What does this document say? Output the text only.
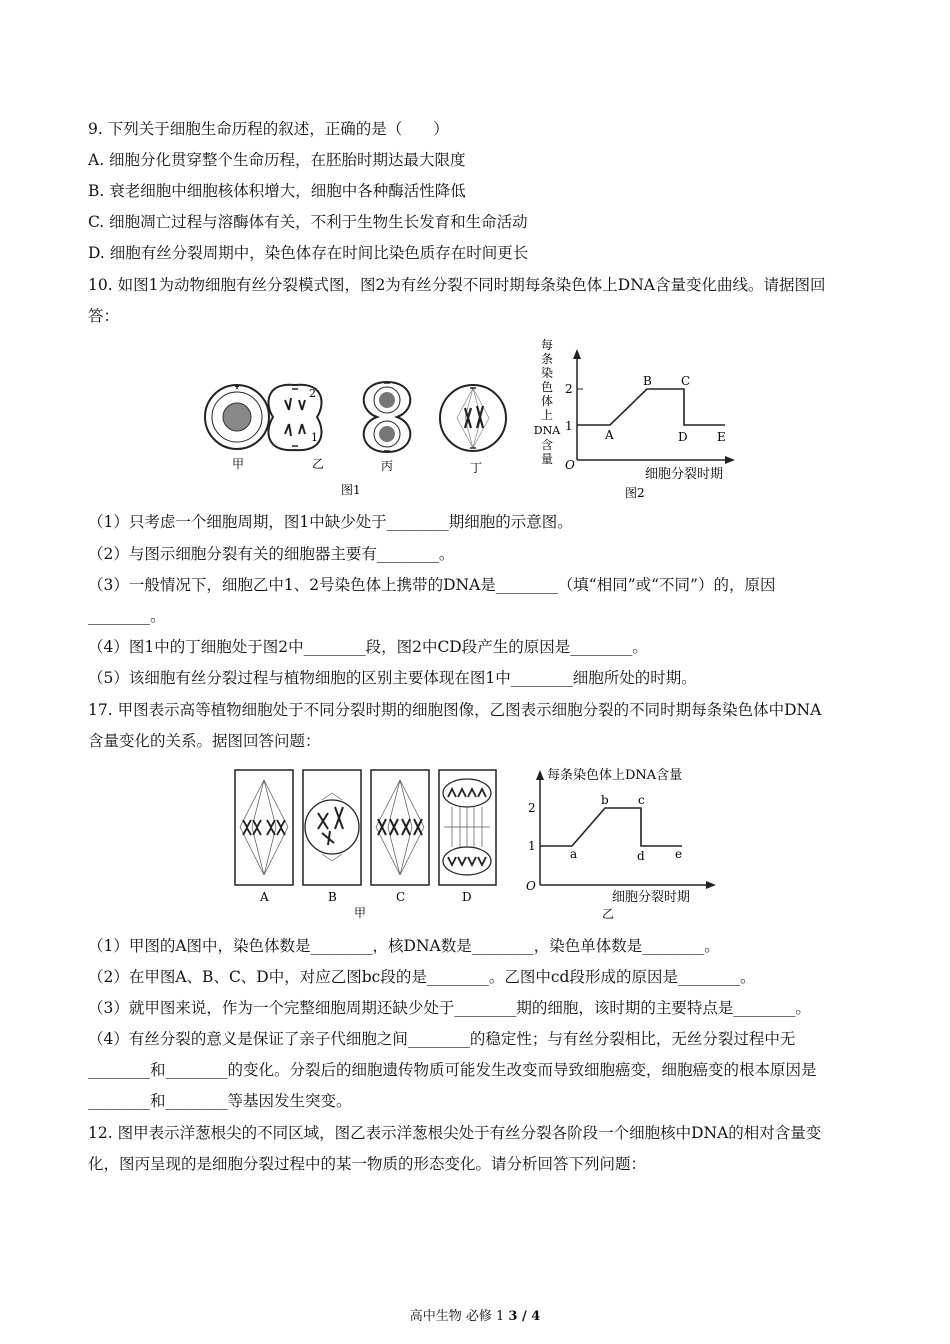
9. 下列关于细胞生命历程的叙述，正确的是（　　）
A. 细胞分化贯穿整个生命历程，在胚胎时期达最大限度
B. 衰老细胞中细胞核体积增大，细胞中各种酶活性降低
C. 细胞凋亡过程与溶酶体有关，不利于生物生长发育和生命活动
D. 细胞有丝分裂周期中，染色体存在时间比染色质存在时间更长
10. 如图1为动物细胞有丝分裂模式图，图2为有丝分裂不同时期每条染色体上DNA含量变化曲线。请据图回
答：
2
1
甲	乙	丙	丁
图1
每
条
染
色
体
上
DNA
含
量 O
2
1
A
B C
D E
细胞分裂时期
图2
（1）只考虑一个细胞周期，图1中缺少处于________期细胞的示意图。
（2）与图示细胞分裂有关的细胞器主要有________。
（3）一般情况下，细胞乙中1、2号染色体上携带的DNA是________（填“相同”或“不同”）的，原因
________。
（4）图1中的丁细胞处于图2中________段，图2中CD段产生的原因是________。
（5）该细胞有丝分裂过程与植物细胞的区别主要体现在图1中________细胞所处的时期。
17. 甲图表示高等植物细胞处于不同分裂时期的细胞图像，乙图表示细胞分裂的不同时期每条染色体中DNA
含量变化的关系。据图回答问题：
A	B	C	D
甲
每条染色体上DNA含量
O
2
1
a
b c
d	e
细胞分裂时期
乙
（1）甲图的A图中，染色体数是________，核DNA数是________，染色单体数是________。
（2）在甲图A、B、C、D中，对应乙图bc段的是________。乙图中cd段形成的原因是________。
（3）就甲图来说，作为一个完整细胞周期还缺少处于________期的细胞，该时期的主要特点是________。
（4）有丝分裂的意义是保证了亲子代细胞之间________的稳定性；与有丝分裂相比，无丝分裂过程中无
________和________的变化。分裂后的细胞遗传物质可能发生改变而导致细胞癌变，细胞癌变的根本原因是
________和________等基因发生突变。
12. 图甲表示洋葱根尖的不同区域，图乙表示洋葱根尖处于有丝分裂各阶段一个细胞核中DNA的相对含量变
化，图丙呈现的是细胞分裂过程中的某一物质的形态变化。请分析回答下列问题：
高中生物 必修 1 3 / 4
